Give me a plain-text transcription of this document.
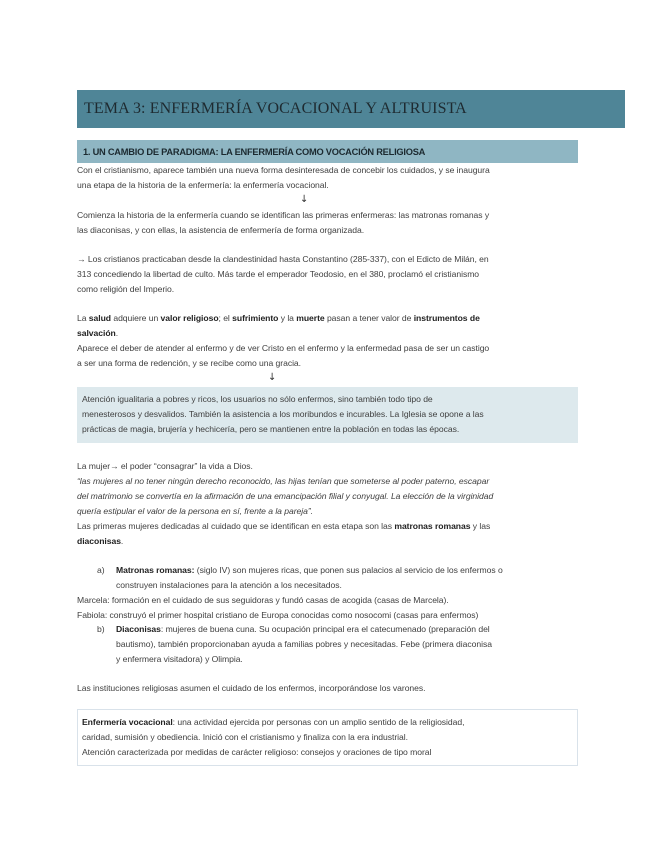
TEMA 3: ENFERMERÍA VOCACIONAL Y ALTRUISTA
1. UN CAMBIO DE PARADIGMA: LA ENFERMERÍA COMO VOCACIÓN RELIGIOSA
Con el cristianismo, aparece también una nueva forma desinteresada de concebir los cuidados, y se inaugura
una etapa de la historia de la enfermería: la enfermería vocacional.
↓
Comienza la historia de la enfermería cuando se identifican las primeras enfermeras: las matronas romanas y
las diaconisas, y con ellas, la asistencia de enfermería de forma organizada.
→ Los cristianos practicaban desde la clandestinidad hasta Constantino (285-337), con el Edicto de Milán, en
313 concediendo la libertad de culto. Más tarde el emperador Teodosio, en el 380, proclamó el cristianismo
como religión del Imperio.
La salud adquiere un valor religioso; el sufrimiento y la muerte pasan a tener valor de instrumentos de
salvación.
Aparece el deber de atender al enfermo y de ver Cristo en el enfermo y la enfermedad pasa de ser un castigo
a ser una forma de redención, y se recibe como una gracia.
↓
Atención igualitaria a pobres y ricos, los usuarios no sólo enfermos, sino también todo tipo de
menesterosos y desvalidos. También la asistencia a los moribundos e incurables. La Iglesia se opone a las
prácticas de magia, brujería y hechicería, pero se mantienen entre la población en todas las épocas.
La mujer→ el poder “consagrar” la vida a Dios.
“las mujeres al no tener ningún derecho reconocido, las hijas tenían que someterse al poder paterno, escapar
del matrimonio se convertía en la afirmación de una emancipación filial y conyugal. La elección de la virginidad
quería estipular el valor de la persona en sí, frente a la pareja”.
Las primeras mujeres dedicadas al cuidado que se identifican en esta etapa son las matronas romanas y las
diaconisas.
a) Matronas romanas: (siglo IV) son mujeres ricas, que ponen sus palacios al servicio de los enfermos o
construyen instalaciones para la atención a los necesitados.
Marcela: formación en el cuidado de sus seguidoras y fundó casas de acogida (casas de Marcela).
Fabiola: construyó el primer hospital cristiano de Europa conocidas como nosocomi (casas para enfermos)
b) Diaconisas: mujeres de buena cuna. Su ocupación principal era el catecumenado (preparación del
bautismo), también proporcionaban ayuda a familias pobres y necesitadas. Febe (primera diaconisa
y enfermera visitadora) y Olimpia.
Las instituciones religiosas asumen el cuidado de los enfermos, incorporándose los varones.
Enfermería vocacional: una actividad ejercida por personas con un amplio sentido de la religiosidad,
caridad, sumisión y obediencia. Inició con el cristianismo y finaliza con la era industrial.
Atención caracterizada por medidas de carácter religioso: consejos y oraciones de tipo moral
